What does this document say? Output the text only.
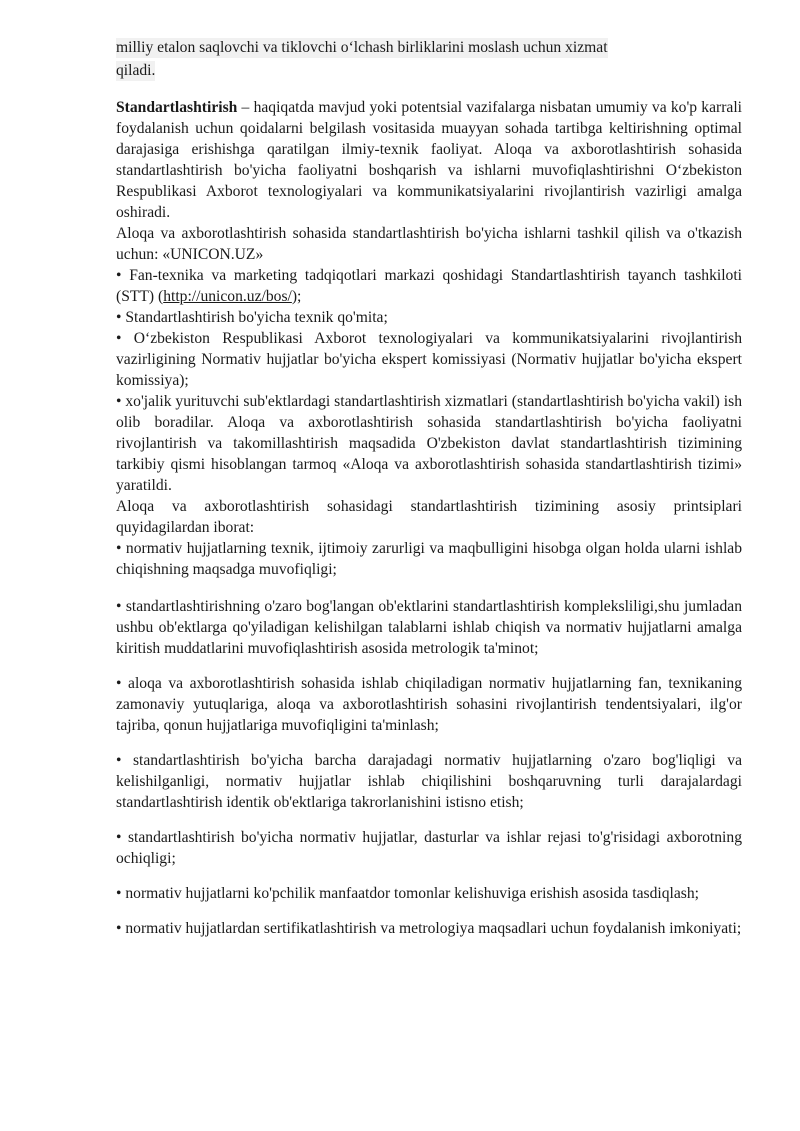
milliy etalon saqlovchi va tiklovchi o‘lchash birliklarini moslash uchun xizmat
qiladi.

Standartlashtirish – haqiqatda mavjud yoki potentsial vazifalarga nisbatan umumiy va ko'p karrali foydalanish uchun qoidalarni belgilash vositasida muayyan sohada tartibga keltirishning optimal darajasiga erishishga qaratilgan ilmiy-texnik faoliyat. Aloqa va axborotlashtirish sohasida standartlashtirish bo'yicha faoliyatni boshqarish va ishlarni muvofiqlashtirishni O‘zbekiston Respublikasi Axborot texnologiyalari va kommunikatsiyalarini rivojlantirish vazirligi amalga oshiradi.

Aloqa va axborotlashtirish sohasida standartlashtirish bo'yicha ishlarni tashkil qilish va o'tkazish uchun: «UNICON.UZ»

• Fan-texnika va marketing tadqiqotlari markazi qoshidagi Standartlashtirish tayanch tashkiloti (STT) (http://unicon.uz/bos/);

• Standartlashtirish bo'yicha texnik qo'mita;

• O‘zbekiston Respublikasi Axborot texnologiyalari va kommunikatsiyalarini rivojlantirish vazirligining Normativ hujjatlar bo'yicha ekspert komissiyasi (Normativ hujjatlar bo'yicha ekspert komissiya);

• xo'jalik yurituvchi sub'ektlardagi standartlashtirish xizmatlari (standartlashtirish bo'yicha vakil) ish olib boradilar. Aloqa va axborotlashtirish sohasida standartlashtirish bo'yicha faoliyatni rivojlantirish va takomillashtirish maqsadida O'zbekiston davlat standartlashtirish tizimining tarkibiy qismi hisoblangan tarmoq «Aloqa va axborotlashtirish sohasida standartlashtirish tizimi» yaratildi.

Aloqa va axborotlashtirish sohasidagi standartlashtirish tizimining asosiy printsiplari quyidagilardan iborat:

• normativ hujjatlarning texnik, ijtimoiy zarurligi va maqbulligini hisobga olgan holda ularni ishlab chiqishning maqsadga muvofiqligi;

• standartlashtirishning o'zaro bog'langan ob'ektlarini standartlashtirish kompleksliligi,shu jumladan ushbu ob'ektlarga qo'yiladigan kelishilgan talablarni ishlab chiqish va normativ hujjatlarni amalga kiritish muddatlarini muvofiqlashtirish asosida metrologik ta'minot;

• aloqa va axborotlashtirish sohasida ishlab chiqiladigan normativ hujjatlarning fan, texnikaning zamonaviy yutuqlariga, aloqa va axborotlashtirish sohasini rivojlantirish tendentsiyalari, ilg'or tajriba, qonun hujjatlariga muvofiqligini ta'minlash;

• standartlashtirish bo'yicha barcha darajadagi normativ hujjatlarning o'zaro bog'liqligi va kelishilganligi, normativ hujjatlar ishlab chiqilishini boshqaruvning turli darajalardagi standartlashtirish identik ob'ektlariga takrorlanishini istisno etish;

• standartlashtirish bo'yicha normativ hujjatlar, dasturlar va ishlar rejasi to'g'risidagi axborotning ochiqligi;

• normativ hujjatlarni ko'pchilik manfaatdor tomonlar kelishuviga erishish asosida tasdiqlash;

• normativ hujjatlardan sertifikatlashtirish va metrologiya maqsadlari uchun foydalanish imkoniyati;
